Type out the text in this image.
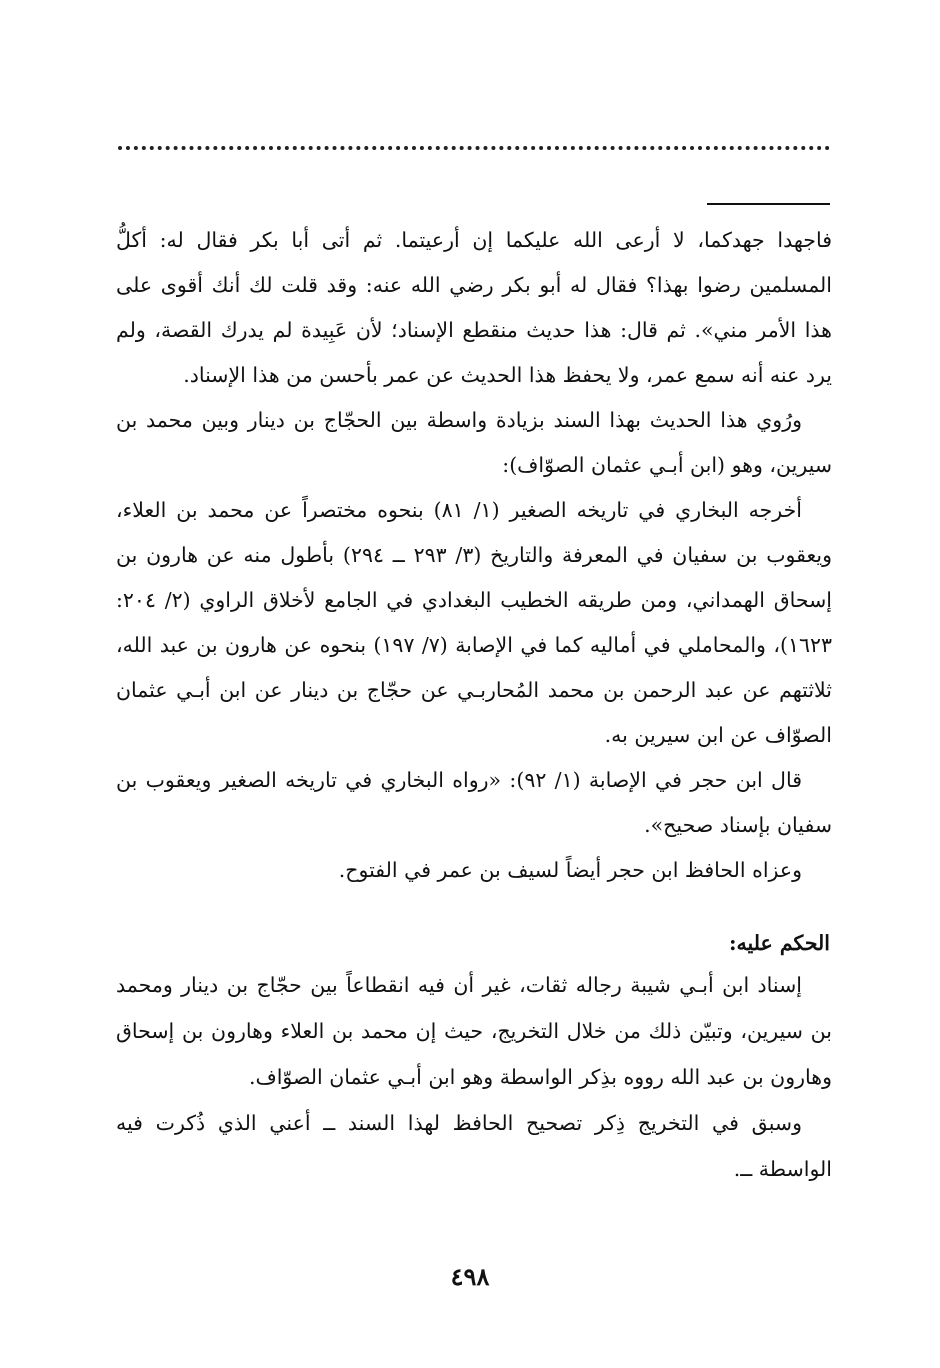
فاجهدا جهدكما، لا أرعى الله عليكما إن أرعيتما. ثم أتى أبا بكر فقال له: أكلُّ المسلمين رضوا بهذا؟ فقال له أبو بكر رضي الله عنه: وقد قلت لك أنك أقوى على هذا الأمر مني». ثم قال: هذا حديث منقطع الإسناد؛ لأن عَبِيدة لم يدرك القصة، ولم يرد عنه أنه سمع عمر، ولا يحفظ هذا الحديث عن عمر بأحسن من هذا الإسناد.

ورُوي هذا الحديث بهذا السند بزيادة واسطة بين الحجّاج بن دينار وبين محمد بن سيرين، وهو (ابن أبـي عثمان الصوّاف):

أخرجه البخاري في تاريخه الصغير (١/ ٨١) بنحوه مختصراً عن محمد بن العلاء، ويعقوب بن سفيان في المعرفة والتاريخ (٣/ ٢٩٣ ــ ٢٩٤) بأطول منه عن هارون بن إسحاق الهمداني، ومن طريقه الخطيب البغدادي في الجامع لأخلاق الراوي (٢/ ٢٠٤: ١٦٢٣)، والمحاملي في أماليه كما في الإصابة (٧/ ١٩٧) بنحوه عن هارون بن عبد الله، ثلاثتهم عن عبد الرحمن بن محمد المُحاربـي عن حجّاج بن دينار عن ابن أبـي عثمان الصوّاف عن ابن سيرين به.

قال ابن حجر في الإصابة (١/ ٩٢): «رواه البخاري في تاريخه الصغير ويعقوب بن سفيان بإسناد صحيح».

وعزاه الحافظ ابن حجر أيضاً لسيف بن عمر في الفتوح.

الحكم عليه:

إسناد ابن أبـي شيبة رجاله ثقات، غير أن فيه انقطاعاً بين حجّاج بن دينار ومحمد بن سيرين، وتبيّن ذلك من خلال التخريج، حيث إن محمد بن العلاء وهارون بن إسحاق وهارون بن عبد الله رووه بذِكر الواسطة وهو ابن أبـي عثمان الصوّاف.

وسبق في التخريج ذِكر تصحيح الحافظ لهذا السند ــ أعني الذي ذُكرت فيه الواسطة ــ.

٤٩٨
